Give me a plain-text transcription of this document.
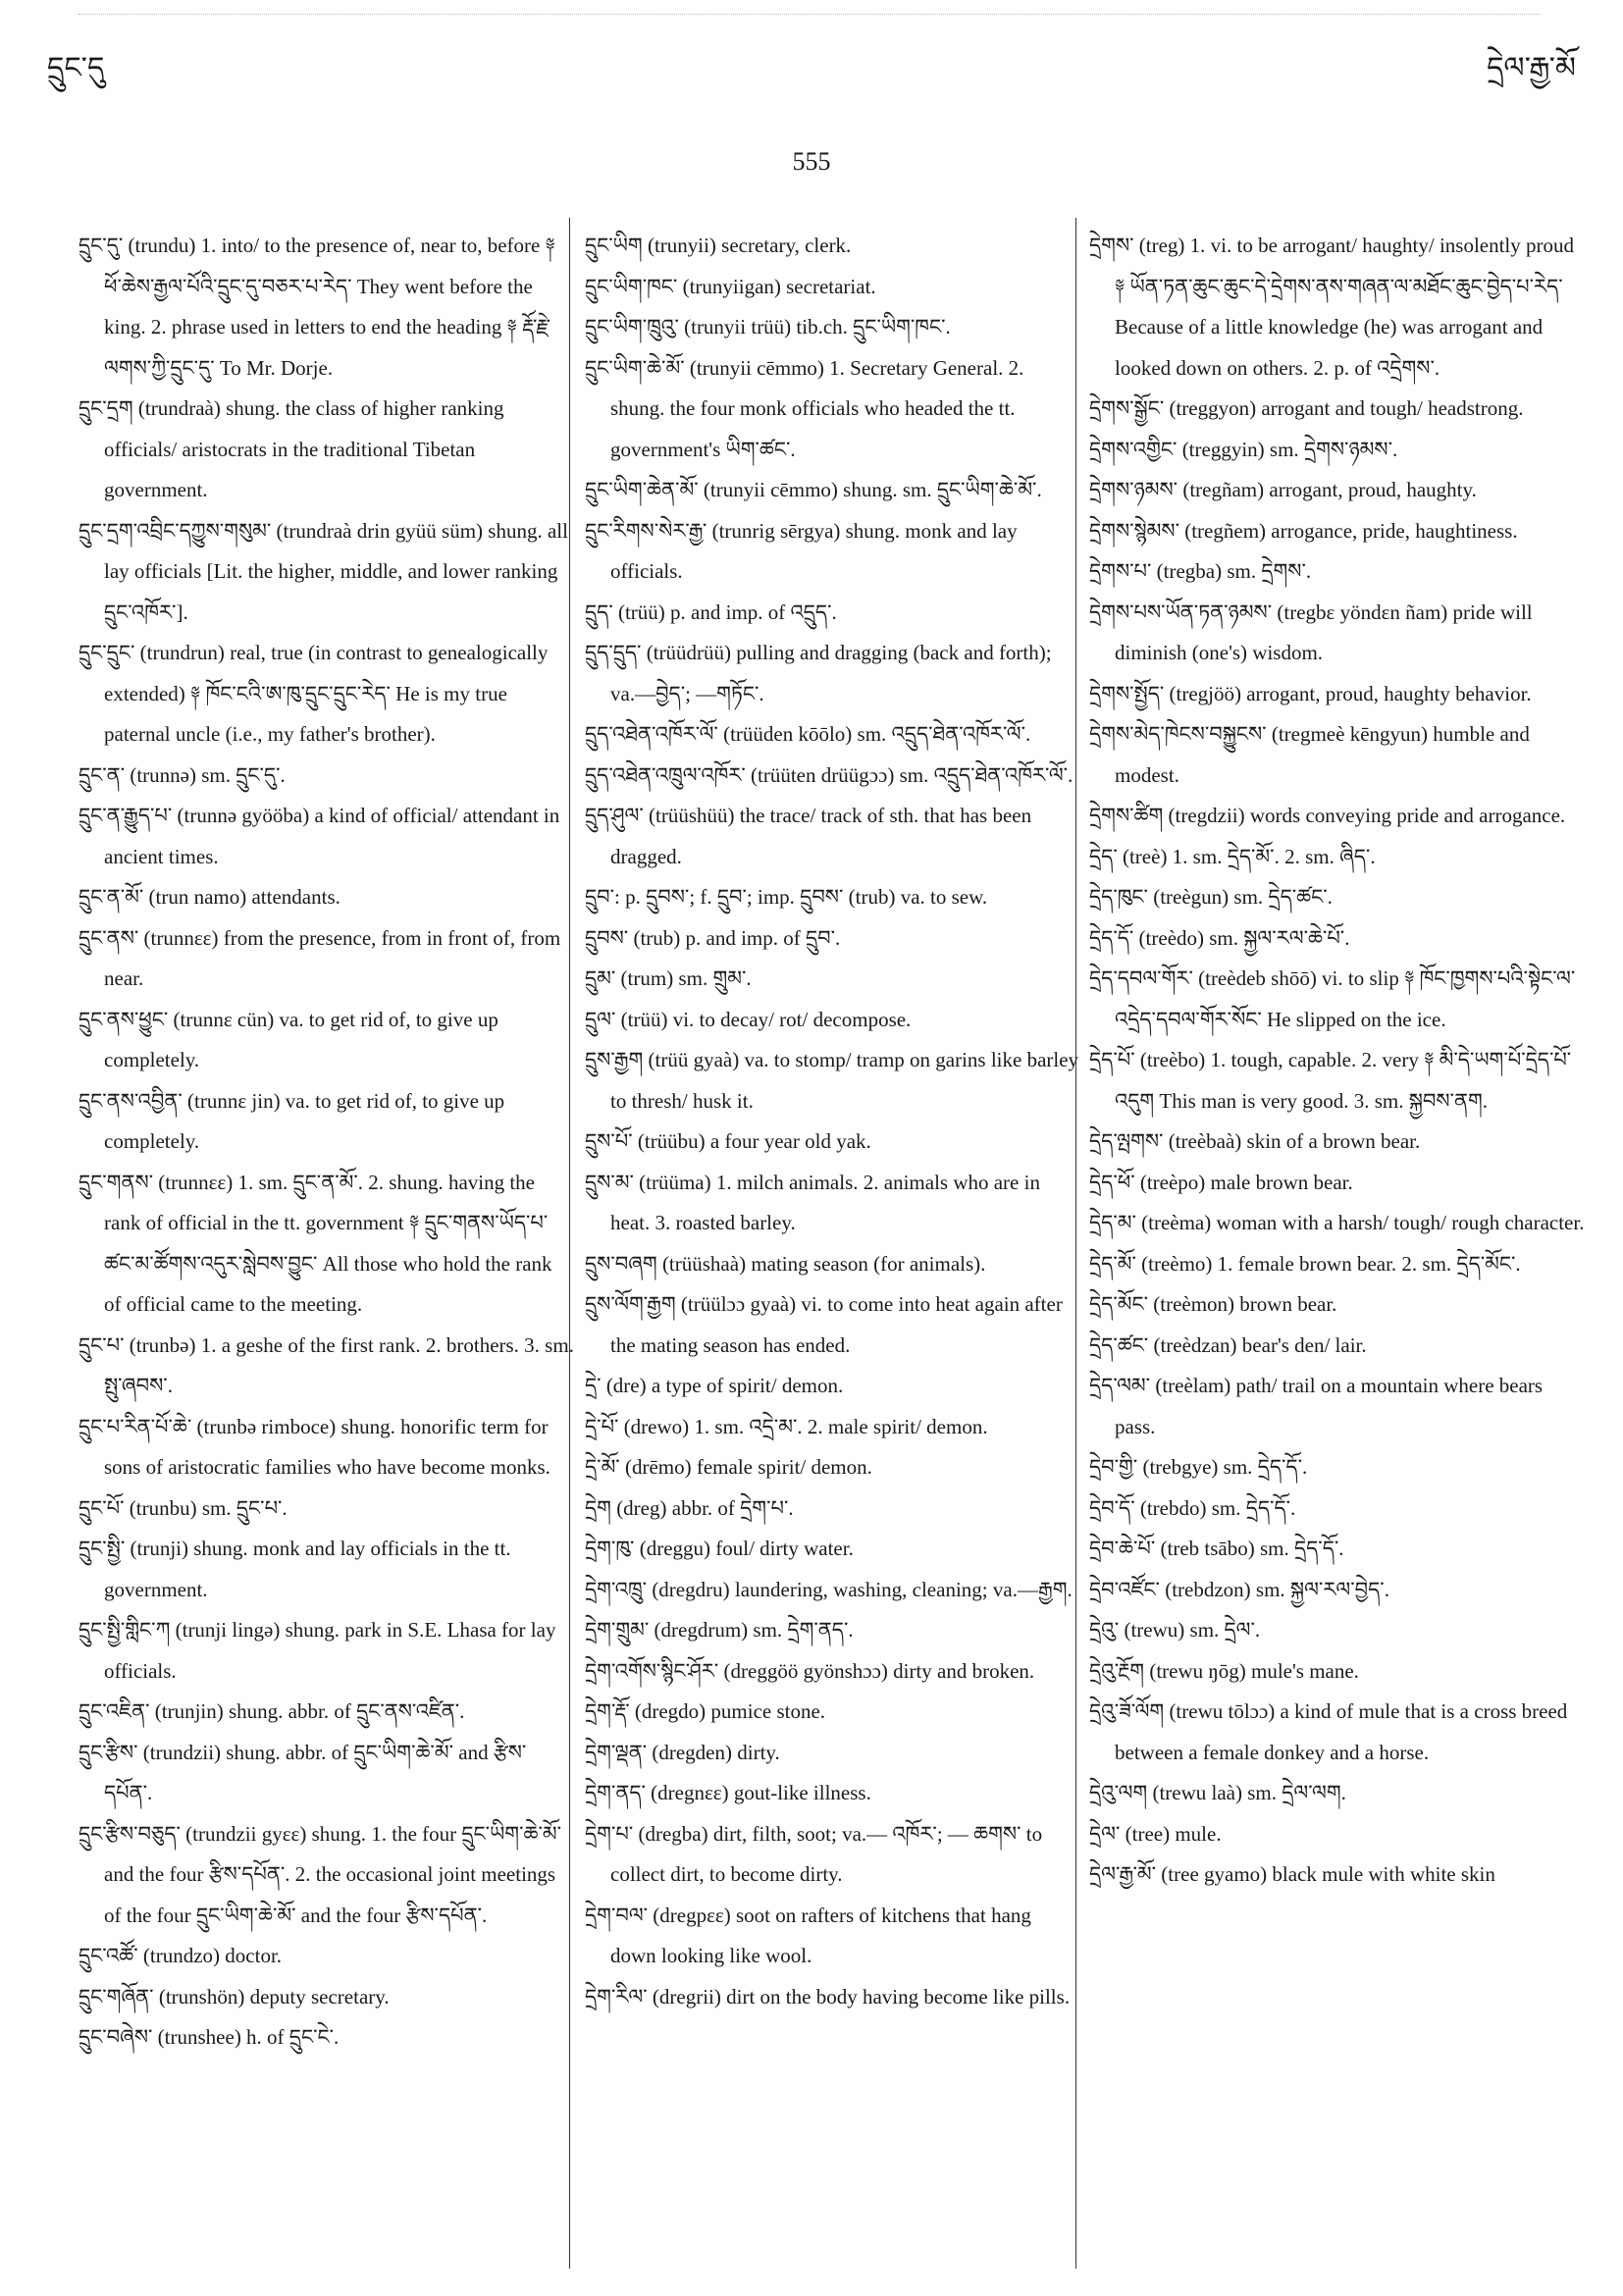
དྲུང་དུ
555
དྲེལ་རྒྱ་མོ

དྲུང་དུ་ (trundu) 1. into/ to the presence of, near to, before ༈ ཕོ་ཆེས་རྒྱལ་པོའི་དྲུང་དུ་བཅར་པ་རེད་ They went before the king. 2. phrase used in letters to end the heading ༈ རྡོ་རྗེ་ལགས་ཀྱི་དྲུང་དུ་ To Mr. Dorje.

དྲུང་དྲག (trundraà) shung. the class of higher ranking officials/ aristocrats in the traditional Tibetan government.

དྲུང་དྲག་འབྲིང་དཀྱུས་གསུམ་ (trundraà drin gyüü süm) shung. all lay officials [Lit. the higher, middle, and lower ranking དྲུང་འཁོར་].

དྲུང་དྲུང་ (trundrun) real, true (in contrast to genealogically extended) ༈ ཁོང་ངའི་ཨ་ཁུ་དྲུང་དྲུང་རེད་ He is my true paternal uncle (i.e., my father's brother).

དྲུང་ན་ (trunnə) sm. དྲུང་དུ་.

དྲུང་ན་རྒྱུད་པ་ (trunnə gyööba) a kind of official/ attendant in ancient times.

དྲུང་ན་མོ་ (trun namo) attendants.

དྲུང་ནས་ (trunnɛɛ) from the presence, from in front of, from near.

དྲུང་ནས་ཕྱུང་ (trunnɛ cün) va. to get rid of, to give up completely.

དྲུང་ནས་འབྱིན་ (trunnɛ jin) va. to get rid of, to give up completely.

དྲུང་གནས་ (trunnɛɛ) 1. sm. དྲུང་ན་མོ་. 2. shung. having the rank of official in the tt. government ༈ དྲུང་གནས་ཡོད་པ་ཚང་མ་ཚོགས་འདུར་སླེབས་བྱུང་ All those who hold the rank of official came to the meeting.

དྲུང་པ་ (trunbə) 1. a geshe of the first rank. 2. brothers. 3. sm. སྤུ་ཞབས་.

དྲུང་པ་རིན་པོ་ཆེ་ (trunbə rimboce) shung. honorific term for sons of aristocratic families who have become monks.

དྲུང་པོ་ (trunbu) sm. དྲུང་པ་.

དྲུང་སྤྱི་ (trunji) shung. monk and lay officials in the tt. government.

དྲུང་སྤྱི་གླིང་ཀ (trunji lingə) shung. park in S.E. Lhasa for lay officials.

དྲུང་འཇིན་ (trunjin) shung. abbr. of དྲུང་ནས་འཛིན་.

དྲུང་རྩིས་ (trundzii) shung. abbr. of དྲུང་ཡིག་ཆེ་མོ་ and རྩིས་དཔོན་.

དྲུང་རྩིས་བཅུད་ (trundzii gyɛɛ) shung. 1. the four དྲུང་ཡིག་ཆེ་མོ་ and the four རྩིས་དཔོན་. 2. the occasional joint meetings of the four དྲུང་ཡིག་ཆེ་མོ་ and the four རྩིས་དཔོན་.

དྲུང་འཚོ་ (trundzo) doctor.

དྲུང་གཞོན་ (trunshön) deputy secretary.

དྲུང་བཞེས་ (trunshee) h. of དྲུང་ངེ་.

དྲུང་ཡིག (trunyii) secretary, clerk.

དྲུང་ཡིག་ཁང་ (trunyiigan) secretariat.

དྲུང་ཡིག་ཁྲུའུ་ (trunyii trüü) tib.ch. དྲུང་ཡིག་ཁང་.

དྲུང་ཡིག་ཆེ་མོ་ (trunyii cēmmo) 1. Secretary General. 2. shung. the four monk officials who headed the tt. government's ཡིག་ཚང་.

དྲུང་ཡིག་ཆེན་མོ་ (trunyii cēmmo) shung. sm. དྲུང་ཡིག་ཆེ་མོ་.

དྲུང་རིགས་སེར་རྒྱ་ (trunrig sērgya) shung. monk and lay officials.

དྲུད་ (trüü) p. and imp. of འདྲུད་.

དྲུད་དྲུད་ (trüüdrüü) pulling and dragging (back and forth); va.—བྱེད་; —གཏོང་.

དྲུད་འཐེན་འཁོར་ལོ་ (trüüden kōōlo) sm. འདྲུད་ཐེན་འཁོར་ལོ་.

དྲུད་འཐེན་འཁྲུལ་འཁོར་ (trüüten drüügɔɔ) sm. འདྲུད་ཐེན་འཁོར་ལོ་.

དྲུད་ཤུལ་ (trüüshüü) the trace/ track of sth. that has been dragged.

དྲུབ་: p. དྲུབས་; f. དྲུབ་; imp. དྲུབས་ (trub) va. to sew.

དྲུབས་ (trub) p. and imp. of དྲུབ་.

དྲུམ་ (trum) sm. གྲུམ་.

དྲུལ་ (trüü) vi. to decay/ rot/ decompose.

དྲུས་རྒྱག (trüü gyaà) va. to stomp/ tramp on garins like barley to thresh/ husk it.

དྲུས་པོ་ (trüübu) a four year old yak.

དྲུས་མ་ (trüüma) 1. milch animals. 2. animals who are in heat. 3. roasted barley.

དྲུས་བཞག (trüüshaà) mating season (for animals).

དྲུས་ལོག་རྒྱག (trüülɔɔ gyaà) vi. to come into heat again after the mating season has ended.

དྲེ་ (dre) a type of spirit/ demon.

དྲེ་པོ་ (drewo) 1. sm. འདྲེ་མ་. 2. male spirit/ demon.

དྲེ་མོ་ (drēmo) female spirit/ demon.

དྲེག (dreg) abbr. of དྲེག་པ་.

དྲེག་ཁུ་ (dreggu) foul/ dirty water.

དྲེག་འཁྲུ་ (dregdru) laundering, washing, cleaning; va.—རྒྱག.

དྲེག་གྲུམ་ (dregdrum) sm. དྲེག་ནད་.

དྲེག་འགོས་སྙིང་ཤོར་ (dreggöö gyönshɔɔ) dirty and broken.

དྲེག་རྡོ་ (dregdo) pumice stone.

དྲེག་ལྡན་ (dregden) dirty.

དྲེག་ནད་ (dregnɛɛ) gout-like illness.

དྲེག་པ་ (dregba) dirt, filth, soot; va.— འཁོར་; — ཆགས་ to collect dirt, to become dirty.

དྲེག་བལ་ (dregpɛɛ) soot on rafters of kitchens that hang down looking like wool.

དྲེག་རིལ་ (dregrii) dirt on the body having become like pills.

དྲེགས་ (treg) 1. vi. to be arrogant/ haughty/ insolently proud ༈ ཡོན་ཏན་ཆུང་ཆུང་དེ་དྲེགས་ནས་གཞན་ལ་མཐོང་ཆུང་བྱེད་པ་རེད་ Because of a little knowledge (he) was arrogant and looked down on others. 2. p. of འདྲེགས་.

དྲེགས་སྒྱོང་ (treggyon) arrogant and tough/ headstrong.

དྲེགས་འགྱིང་ (treggyin) sm. དྲེགས་ཉམས་.

དྲེགས་ཉམས་ (tregñam) arrogant, proud, haughty.

དྲེགས་སྙེམས་ (tregñem) arrogance, pride, haughtiness.

དྲེགས་པ་ (tregba) sm. དྲེགས་.

དྲེགས་པས་ཡོན་ཏན་ཉམས་ (tregbɛ yöndɛn ñam) pride will diminish (one's) wisdom.

དྲེགས་སྤྱོད་ (tregjöö) arrogant, proud, haughty behavior.

དྲེགས་མེད་ཁེངས་བསྐྱུངས་ (tregmeè kēngyun) humble and modest.

དྲེགས་ཚིག (tregdzii) words conveying pride and arrogance.

དྲེད་ (treè) 1. sm. དྲེད་མོ་. 2. sm. ཞིད་.

དྲེད་ཁུང་ (treègun) sm. དྲེད་ཚང་.

དྲེད་དོ་ (treèdo) sm. སྐྱལ་རལ་ཆེ་པོ་.

དྲེད་དབལ་གོར་ (treèdeb shōō) vi. to slip ༈ ཁོང་ཁྱགས་པའི་སྟེང་ལ་འདྲེད་དབལ་གོར་སོང་ He slipped on the ice.

དྲེད་པོ་ (treèbo) 1. tough, capable. 2. very ༈ མི་དེ་ཡག་པོ་དྲེད་པོ་འདུག This man is very good. 3. sm. སྐྱབས་ནག.

དྲེད་ལྤགས་ (treèbaà) skin of a brown bear.

དྲེད་ཕོ་ (treèpo) male brown bear.

དྲེད་མ་ (treèma) woman with a harsh/ tough/ rough character.

དྲེད་མོ་ (treèmo) 1. female brown bear. 2. sm. དྲེད་མོང་.

དྲེད་མོང་ (treèmon) brown bear.

དྲེད་ཚང་ (treèdzan) bear's den/ lair.

དྲེད་ལམ་ (treèlam) path/ trail on a mountain where bears pass.

དྲེབ་གྱི་ (trebgye) sm. དྲེད་དོ་.

དྲེབ་དོ་ (trebdo) sm. དྲེད་དོ་.

དྲེབ་ཆེ་པོ་ (treb tsābo) sm. དྲེད་དོ་.

དྲེབ་འཛོང་ (trebdzon) sm. སྐྱལ་རལ་བྱེད་.

དྲེའུ་ (trewu) sm. དྲེལ་.

དྲེའུ་རྔོག (trewu ŋōg) mule's mane.

དྲེའུ་ཟོ་ལོག (trewu tōlɔɔ) a kind of mule that is a cross breed between a female donkey and a horse.

དྲེའུ་ལག (trewu laà) sm. དྲེལ་ལག.

དྲེལ་ (tree) mule.

དྲེལ་རྒྱ་མོ་ (tree gyamo) black mule with white skin
